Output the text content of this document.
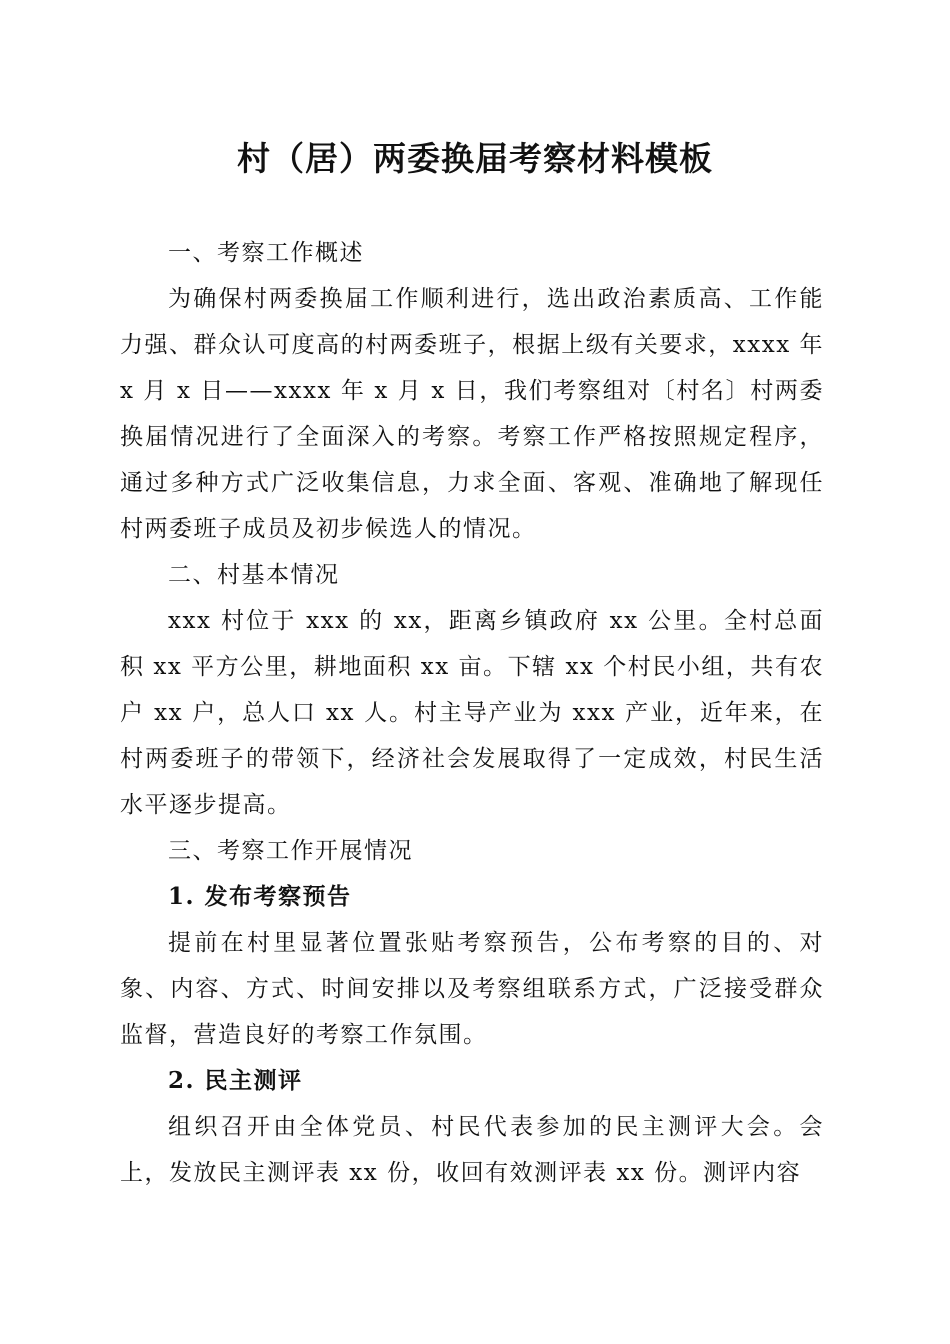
村（居）两委换届考察材料模板
一、考察工作概述

为确保村两委换届工作顺利进行，选出政治素质高、工作能力强、群众认可度高的村两委班子，根据上级有关要求，xxxx 年 x 月 x 日——xxxx 年 x 月 x 日，我们考察组对〔村名〕村两委换届情况进行了全面深入的考察。考察工作严格按照规定程序，通过多种方式广泛收集信息，力求全面、客观、准确地了解现任村两委班子成员及初步候选人的情况。

二、村基本情况

xxx 村位于 xxx 的 xx，距离乡镇政府 xx 公里。全村总面积 xx 平方公里，耕地面积 xx 亩。下辖 xx 个村民小组，共有农户 xx 户，总人口 xx 人。村主导产业为 xxx 产业，近年来，在村两委班子的带领下，经济社会发展取得了一定成效，村民生活水平逐步提高。

三、考察工作开展情况
1. 发布考察预告

提前在村里显著位置张贴考察预告，公布考察的目的、对象、内容、方式、时间安排以及考察组联系方式，广泛接受群众监督，营造良好的考察工作氛围。

2. 民主测评

组织召开由全体党员、村民代表参加的民主测评大会。会上，发放民主测评表 xx 份，收回有效测评表 xx 份。测评内容
